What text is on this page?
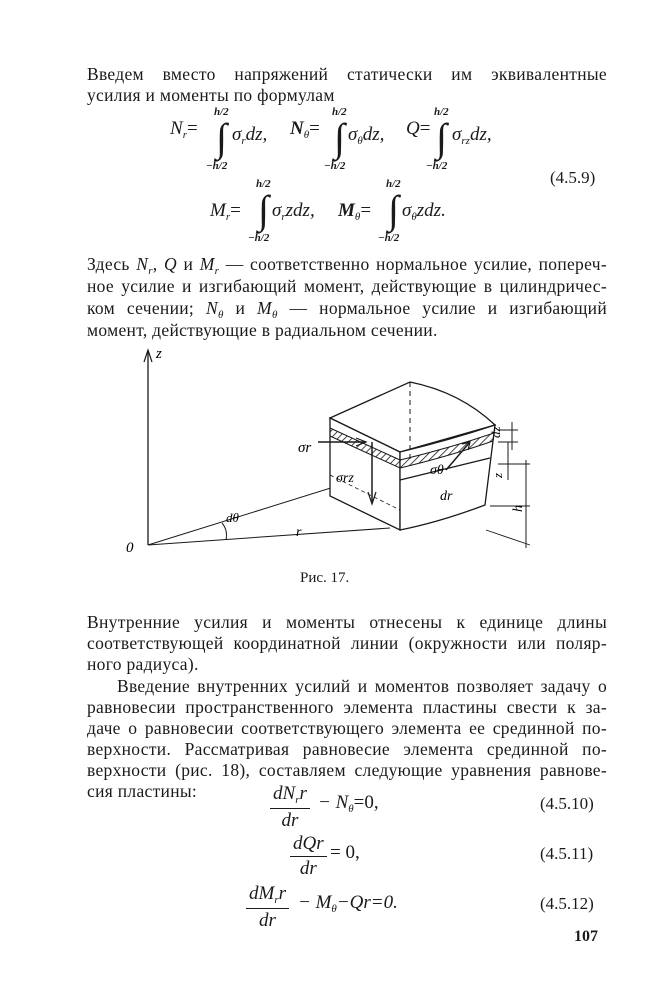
Введем вместо напряжений статически им эквивалентные
усилия и моменты по формулам
$N_r=$
h/2
∫
−h/2
$\sigma_rdz$, $N_\theta=$
h/2
∫
−h/2
$\sigma_\theta dz$, Q=
h/2
∫
−h/2
$\sigma_{rz}dz$,
(4.5.9)
$M_r=$
h/2
∫
−h/2
$\sigma_rzdz$, $M_\theta=$
h/2
∫
−h/2
$\sigma_\theta zdz$.
Здесь $N_r$, Q и $M_r$ — соответственно нормальное усилие, попереч-
ное усилие и изгибающий момент, действующие в цилиндричес-
ком сечении; $N_\theta$ и $M_\theta$ — нормальное усилие и изгибающий
момент, действующие в радиальном сечении.
z
0
dθ
r
σr
σrz
σθ
dr
dz
z
h
Рис. 17.
Внутренние усилия и моменты отнесены к единице длины
соответствующей координатной линии (окружности или поляр-
ного радиуса).
Введение внутренних усилий и моментов позволяет задачу о
равновесии пространственного элемента пластины свести к за-
даче о равновесии соответствующего элемента ее срединной по-
верхности. Рассматривая равновесие элемента срединной по-
верхности (рис. 18), составляем следующие уравнения равнове-
сия пластины:	$dN_rr$
dr
− $N_\theta=0$,	(4.5.10)
dQr
dr
= 0,	(4.5.11)
$dM_rr$
dr
− $M_\theta-Qr=0$.	(4.5.12)
107
